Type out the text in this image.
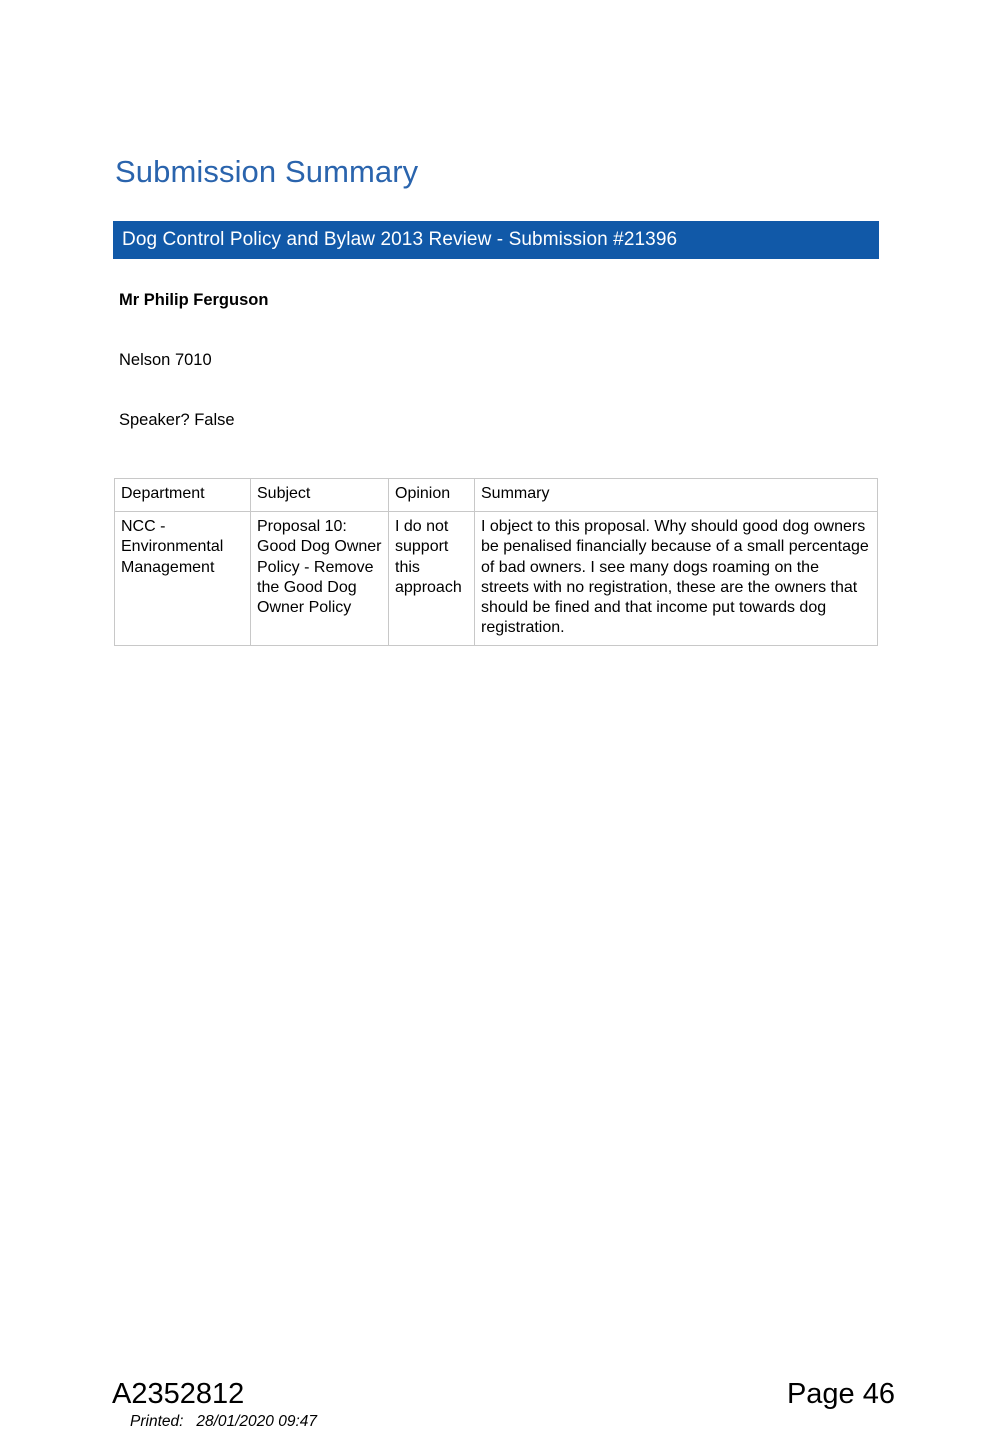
Submission Summary
Dog Control Policy and Bylaw 2013 Review - Submission #21396
Mr Philip Ferguson
Nelson 7010
Speaker? False
Department	Subject	Opinion	Summary

NCC - Environmental Management	Proposal 10: Good Dog Owner Policy - Remove the Good Dog Owner Policy	I do not support this approach	I object to this proposal. Why should good dog owners be penalised financially because of a small percentage of bad owners. I see many dogs roaming on the streets with no registration, these are the owners that should be fined and that income put towards dog registration.
A2352812	Page 46
Printed:   28/01/2020 09:47
